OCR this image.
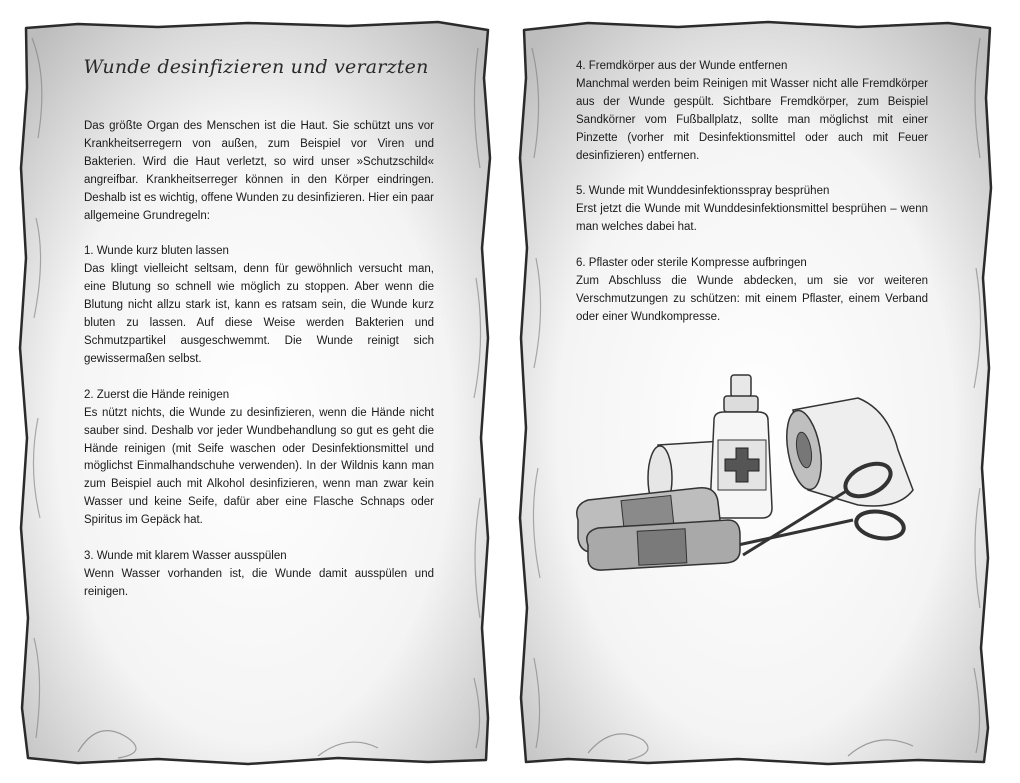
Wunde desinfizieren und verarzten

Das größte Organ des Menschen ist die Haut. Sie schützt uns vor Krankheitserregern von außen, zum Beispiel vor Viren und Bakterien. Wird die Haut verletzt, so wird unser »Schutzschild« angreifbar. Krankheitserreger können in den Körper eindringen. Deshalb ist es wichtig, offene Wunden zu desinfizieren. Hier ein paar allgemeine Grundregeln:

1. Wunde kurz bluten lassen

Das klingt vielleicht seltsam, denn für gewöhnlich versucht man, eine Blutung so schnell wie möglich zu stoppen. Aber wenn die Blutung nicht allzu stark ist, kann es ratsam sein, die Wunde kurz bluten zu lassen. Auf diese Weise werden Bakterien und Schmutzpartikel ausgeschwemmt. Die Wunde reinigt sich gewissermaßen selbst.

2. Zuerst die Hände reinigen

Es nützt nichts, die Wunde zu desinfizieren, wenn die Hände nicht sauber sind. Deshalb vor jeder Wundbehandlung so gut es geht die Hände reinigen (mit Seife waschen oder Desinfektionsmittel und möglichst Einmalhandschuhe verwenden). In der Wildnis kann man zum Beispiel auch mit Alkohol desinfizieren, wenn man zwar kein Wasser und keine Seife, dafür aber eine Flasche Schnaps oder Spiritus im Gepäck hat.

3. Wunde mit klarem Wasser ausspülen

Wenn Wasser vorhanden ist, die Wunde damit ausspülen und reinigen.

4. Fremdkörper aus der Wunde entfernen

Manchmal werden beim Reinigen mit Wasser nicht alle Fremdkörper aus der Wunde gespült. Sichtbare Fremdkörper, zum Beispiel Sandkörner vom Fußballplatz, sollte man möglichst mit einer Pinzette (vorher mit Desinfektionsmittel oder auch mit Feuer desinfizieren) entfernen.

5. Wunde mit Wunddesinfektionsspray besprühen

Erst jetzt die Wunde mit Wunddesinfektionsmittel besprühen – wenn man welches dabei hat.

6. Pflaster oder sterile Kompresse aufbringen

Zum Abschluss die Wunde abdecken, um sie vor weiteren Verschmutzungen zu schützen: mit einem Pflaster, einem Verband oder einer Wundkompresse.
